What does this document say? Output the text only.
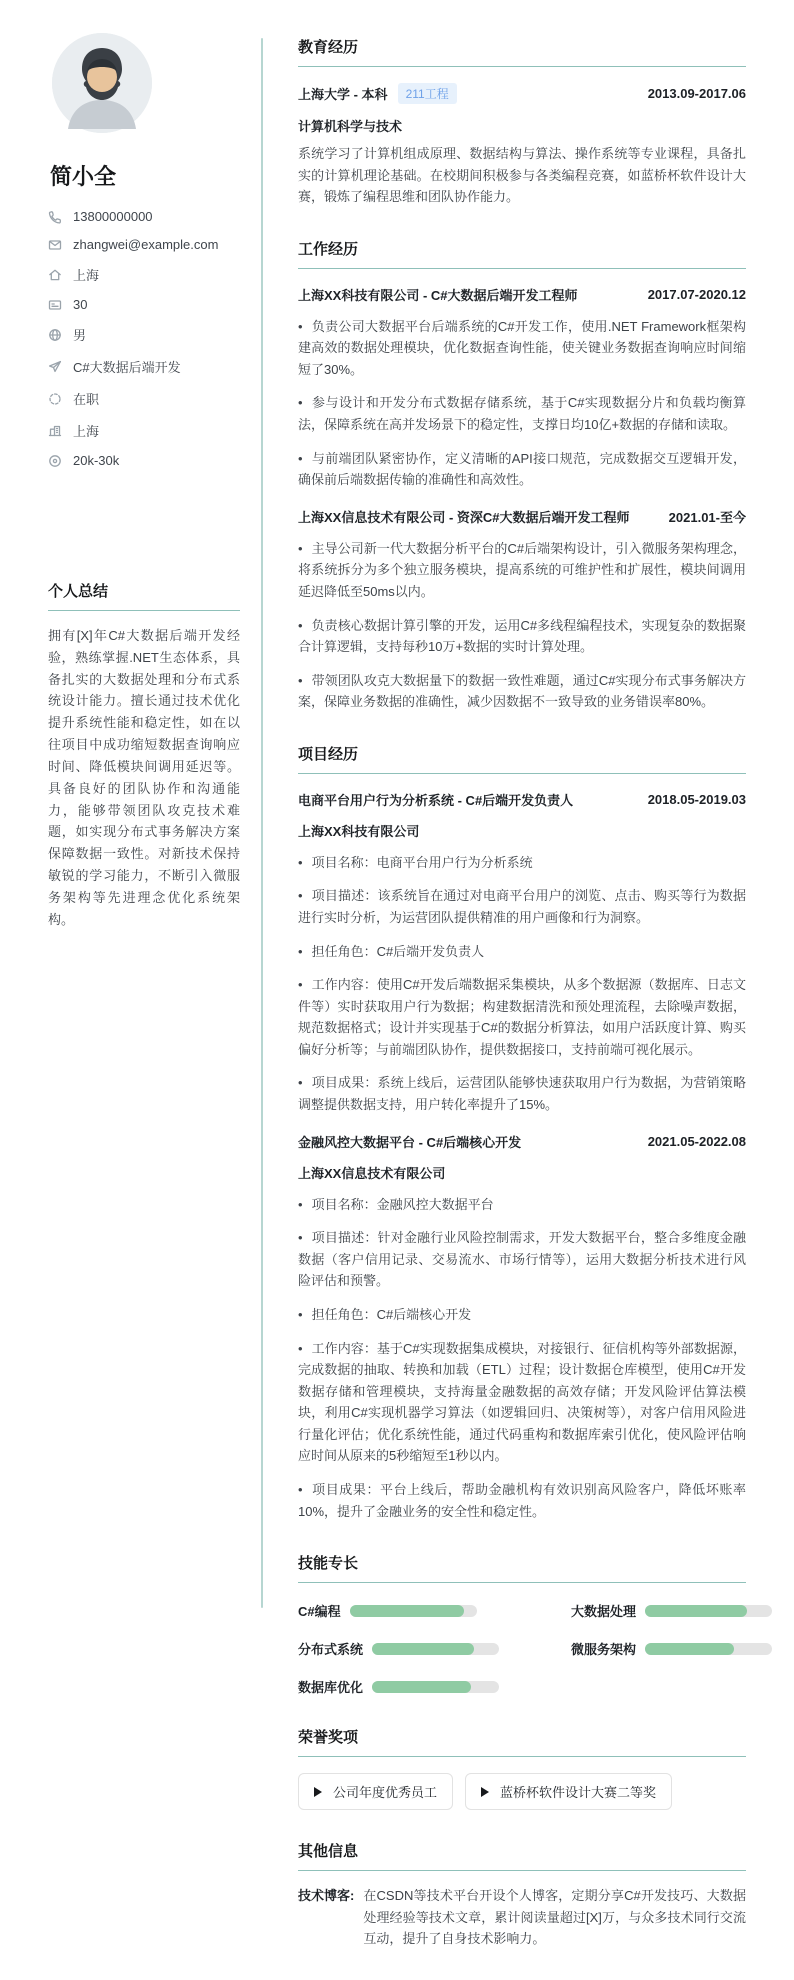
简小全
13800000000
zhangwei@example.com
上海
30
男
C#大数据后端开发
在职
上海
20k-30k
个人总结

拥有[X]年C#大数据后端开发经验，熟练掌握.NET生态体系，具备扎实的大数据处理和分布式系统设计能力。擅长通过技术优化提升系统性能和稳定性，如在以往项目中成功缩短数据查询响应时间、降低模块间调用延迟等。具备良好的团队协作和沟通能力，能够带领团队攻克技术难题，如实现分布式事务解决方案保障数据一致性。对新技术保持敏锐的学习能力，不断引入微服务架构等先进理念优化系统架构。

教育经历
上海大学 - 本科	211工程	2013.09-2017.06

计算机科学与技术

系统学习了计算机组成原理、数据结构与算法、操作系统等专业课程，具备扎实的计算机理论基础。在校期间积极参与各类编程竞赛，如蓝桥杯软件设计大赛，锻炼了编程思维和团队协作能力。

工作经历
上海XX科技有限公司 - C#大数据后端开发工程师	2017.07-2020.12

• 负责公司大数据平台后端系统的C#开发工作，使用.NET Framework框架构建高效的数据处理模块，优化数据查询性能，使关键业务数据查询响应时间缩短了30%。

• 参与设计和开发分布式数据存储系统，基于C#实现数据分片和负载均衡算法，保障系统在高并发场景下的稳定性，支撑日均10亿+数据的存储和读取。

• 与前端团队紧密协作，定义清晰的API接口规范，完成数据交互逻辑开发，确保前后端数据传输的准确性和高效性。

上海XX信息技术有限公司 - 资深C#大数据后端开发工程师	2021.01-至今

• 主导公司新一代大数据分析平台的C#后端架构设计，引入微服务架构理念，将系统拆分为多个独立服务模块，提高系统的可维护性和扩展性，模块间调用延迟降低至50ms以内。

• 负责核心数据计算引擎的开发，运用C#多线程编程技术，实现复杂的数据聚合计算逻辑，支持每秒10万+数据的实时计算处理。

• 带领团队攻克大数据量下的数据一致性难题，通过C#实现分布式事务解决方案，保障业务数据的准确性，减少因数据不一致导致的业务错误率80%。

项目经历
电商平台用户行为分析系统 - C#后端开发负责人	2018.05-2019.03

上海XX科技有限公司

• 项目名称：电商平台用户行为分析系统

• 项目描述：该系统旨在通过对电商平台用户的浏览、点击、购买等行为数据进行实时分析，为运营团队提供精准的用户画像和行为洞察。

• 担任角色：C#后端开发负责人

• 工作内容：使用C#开发后端数据采集模块，从多个数据源（数据库、日志文件等）实时获取用户行为数据；构建数据清洗和预处理流程，去除噪声数据，规范数据格式；设计并实现基于C#的数据分析算法，如用户活跃度计算、购买偏好分析等；与前端团队协作，提供数据接口，支持前端可视化展示。

• 项目成果：系统上线后，运营团队能够快速获取用户行为数据，为营销策略调整提供数据支持，用户转化率提升了15%。

金融风控大数据平台 - C#后端核心开发	2021.05-2022.08

上海XX信息技术有限公司

• 项目名称：金融风控大数据平台

• 项目描述：针对金融行业风险控制需求，开发大数据平台，整合多维度金融数据（客户信用记录、交易流水、市场行情等），运用大数据分析技术进行风险评估和预警。

• 担任角色：C#后端核心开发

• 工作内容：基于C#实现数据集成模块，对接银行、征信机构等外部数据源，完成数据的抽取、转换和加载（ETL）过程；设计数据仓库模型，使用C#开发数据存储和管理模块，支持海量金融数据的高效存储；开发风险评估算法模块，利用C#实现机器学习算法（如逻辑回归、决策树等），对客户信用风险进行量化评估；优化系统性能，通过代码重构和数据库索引优化，使风险评估响应时间从原来的5秒缩短至1秒以内。

• 项目成果：平台上线后，帮助金融机构有效识别高风险客户，降低坏账率10%，提升了金融业务的安全性和稳定性。

技能专长
C#编程	大数据处理
分布式系统	微服务架构
数据库优化
荣誉奖项
公司年度优秀员工	蓝桥杯软件设计大赛二等奖
其他信息
技术博客: 在CSDN等技术平台开设个人博客，定期分享C#开发技巧、大数据处理经验等技术文章，累计阅读量超过[X]万，与众多技术同行交流互动，提升了自身技术影响力。
